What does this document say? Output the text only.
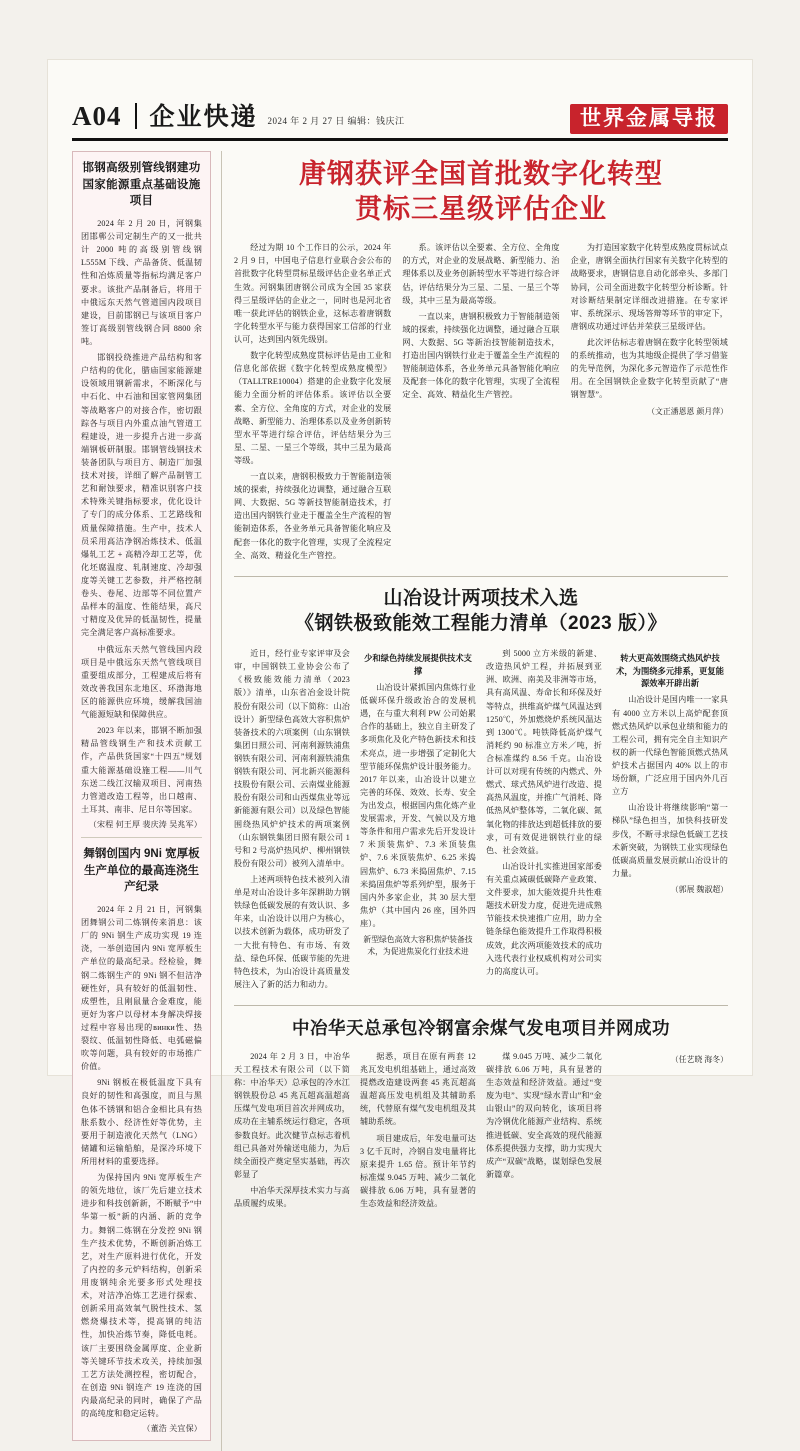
A04 企业快递 2024 年 2 月 27 日 编辑：钱庆江	世界金属导报
邯钢高级别管线钢建功国家能源重点基础设施项目

2024 年 2 月 20 日，河钢集团邯郸公司定制生产的又一批共计 2000 吨的高级别管线钢 L555M 下线、产品备货、低温韧性和冶炼质量等指标均满足客户要求。该批产品制备后，将用于中俄远东天然气管道国内段项目建设，目前邯钢已与该项目客户签订高级别管线钢合同 8800 余吨。

邯钢投绕推进产品结构和客户结构的优化，腊庙国家能源建设领域用钢新需求，不断深化与中石化、中石油和国家管网集团等战略客户的对接合作，密切跟踪各与项目内外重点油气管道工程建设，进一步提升占进一步高端钢板研制服。邯钢管线钢技术装备团队与项目方、制造厂加强技术对接，详细了解产品制管工艺和耐蚀要求，精准识别客户技术特殊关键指标要求，优化设计了专门的成分体系、工艺路线和质量保障措施。生产中，技术人员采用高洁净钢冶炼技术、低温爆轧工艺 + 高精冷却工艺等，优化坯腐温度、轧制速度、冷却强度等关键工艺参数，并严格控制卷头、卷尾、边部等不同位置产品样本的温度、性能结果，高尺寸精度及优异的低温韧性，提量完全满足客户高标准要求。

中俄远东天然气管线国内段项目是中俄远东天然气管线项目重要组成部分，工程建成后将有效改善我国东北地区、环渤海地区的能源供应环境，缓解我国油气能源短缺和保障供应。

2023 年以来，邯钢不断加强精品管线钢生产和技术贡献工作，产品供货国家“十四五”规划重大能源基础设施工程——川气东送二线江汉输双项目、河南热力管道改造工程等，出口越南、土耳其、南非、尼日尔等国家。

（宋程 何王厚 裴庆涛 吴兆军）
舞钢创国内 9Ni 宽厚板生产单位的最高连浇生产纪录

2024 年 2 月 21 日，河钢集团舞钢公司二炼钢传来消息：该厂的 9Ni 钢生产成功实现 19 连浇，一举创造国内 9Ni 宽厚板生产单位的最高纪录。经检验，舞钢二炼钢生产的 9Ni 钢不但洁净硬性好，具有较好的低温韧性、成塑性，且刚鼠量合金难度，能更好为客户以母材本身解决焊接过程中容易出现的винки性、热裂纹、低温韧性降低、电弧磁偏吹等问题，具有较好的市场推广价值。

9Ni 钢板在极低温度下具有良好的韧性和高强度，而且与黑色体不锈钢和铝合金相比具有热胀系数小、经济性好等优势，主要用于制造液化天然气（LNG）储罐和运输船舶，是深冷环境下所用材料的重要选择。

为保持国内 9Ni 宽厚板生产的领先地位，该厂先后建立技术进步和科技创新新，不断赋予“中华第一板”新的内涵、新的竞争力。舞钢二炼钢在分发控 9Ni 钢生产技术优势，不断创新冶炼工艺，对生产原料进行优化，开发了内控的多元炉料结构，创新采用废钢纯余光要多形式处理技术，对洁净冶炼工艺进行探索、创新采用高效氧气脱性技术、氢燃烧爆技术等，提高钢的纯洁性，加快冶炼节奏，降低电耗。该厂主要围绕金属厚度、企业新等关键环节技术攻关，持续加强工艺方法处测控程，密切配合，在创造 9Ni 钢连产 19 连浇的国内最高纪录的同时，确保了产品的高纯度和稳定运转。

（董浩 关宜保）
唐钢获评全国首批数字化转型
贯标三星级评估企业

经过为期 10 个工作日的公示，2024 年 2 月 9 日，中国电子信息行业联合会公布的首批数字化转型贯标星级评估企业名单正式生效。河钢集团唐钢公司成为全国 35 家获得三星级评估的企业之一，同时也是河北省唯一获此评估的钢铁企业，这标志着唐钢数字化转型水平与能力获得国家工信部的行业认可，达到国内领先级别。

数字化转型成熟度贯标评估是由工业和信息化部依据《数字化转型成熟度模型》（TALLTRE10004）搭建的企业数字化发展能力全面分析的评估体系。该评估以全要素、全方位、全角度的方式，对企业的发展战略、新型能力、治理体系以及业务创新转型水平等进行综合评估，评估结果分为三星、二星、一星三个等级，其中三星为最高等级。

一直以来，唐钢积极致力于智能制造领域的探索，持续强化边调整，通过融合互联网、大数据、5G 等新技智能制造技术，打造出国内钢铁行业走于覆盖全生产流程的智能制造体系，各业务单元具备智能化响应及配套一体化的数字化管理，实现了全流程定全、高效、精益化生产管控。

系。该评估以全要素、全方位、全角度的方式，对企业的发展战略、新型能力、治理体系以及业务创新转型水平等进行综合评估，评估结果分为三星、二星、一星三个等级，其中三星为最高等级。

一直以来，唐钢积极致力于智能制造领域的探索，持续强化边调整，通过融合互联网、大数据、5G 等新治技智能制造技术，打造出国内钢铁行业走于覆盖全生产流程的智能制造体系，各业务单元具备智能化响应及配套一体化的数字化管理，实现了全流程定全、高效、精益化生产管控。

为打造国家数字化转型成熟度贯标试点企业，唐钢全面执行国家有关数字化转型的战略要求，唐钢信息自动化部牵头、多部门协同，公司全面进数字化转型分析诊断。针对诊断结果制定详细改进措施。在专家评审、系统深示、现场答辩等环节的审定下，唐钢成功通过评估并荣获三星级评估。

此次评估标志着唐钢在数字化转型领域的系统推动，也为其地级企提供了学习借鉴的先导范例，为深化多元智造作了示范性作用。在全国钢铁企业数字化转型贡献了“唐钢智慧”。

（文正潘恩恩 颜月萍）
山冶设计两项技术入选
《钢铁极致能效工程能力清单（2023 版）》

近日，经行业专家评审及会审，中国钢铁工业协会公布了《极致能效能力清单（2023 版）》清单，山东省冶金设计院股份有限公司（以下简称：山冶设计）新型绿色高效大容积焦炉装备技术的六项案例（山东钢铁集团日照公司、河南利源铁浦焦钢铁有限公司、河南利源铁浦焦钢铁有限公司、河北新兴能源科技股份有限公司、云南煤业能源股份有限公司和山西煤焦业等远新能源有限公司）以及绿色智能围绕热风炉炉技术的两项案例（山东钢铁集团日照有限公司 1 号和 2 号高炉热风炉、柳州钢铁股份有限公司）被列入清单中。

上述两项特色技术被列入清单是对山冶设计多年深耕助力钢铁绿色低碳发展的有效认识、多年来，山冶设计以用户为核心，以技术创新为载体，成功研发了一大批有特色、有市场、有效益、绿色环保、低碳节能的先进特色技术，为山冶设计高质量发展注入了新的活力和动力。

少和绿色持续发展提供技术支撑

山冶设计紧抓国内焦炼行业低碳环保升级政治合的发展机遇，在与重大利利 PW 公司始累合作的基础上，独立自主研发了多项焦化及化产特色新技术和技术亮点，进一步增强了定制化大型节能环保焦炉设计服务能力。2017 年以来，山冶设计以建立完善的环保、效效、长寿、安全为出发点，根据国内焦化炼产业发展需求，开发、气候以及方地等条件和用户需求先后开发设计 7 米顶装焦炉、7.3 米顶装焦炉、7.6 米顶装焦炉、6.25 米捣固焦炉、6.73 米捣固焦炉、7.15 米捣固焦炉等系列炉型，服务于国内外多家企业，其 30 层大型焦炉（其中国内 26 座，国外四座）。

新型绿色高效大容积焦炉装备技术，为促进焦炭化行业技术进

到 5000 立方米级的新建、改造热风炉工程，并拓展到亚洲、欧洲、南美及非洲等市场，具有高风温、寿命长和环保及好等特点，拱维高炉煤气风温达到 1250℃，外加燃烧炉系统风温达到 1300℃。吨铁降低高炉煤气消耗约 90 标准立方米／吨，折合标准煤约 8.56 千克。山冶设计可以对现有传统的内燃式、外燃式、球式热风炉进行改造、提高热风温度，并推广气消耗、降低热风炉整体等，二氧化碳、氮氧化物的排放达到超低排放的要求，可有效促进钢铁行业的绿色、社会效益。

山冶设计扎实推进国家部委有关重点减碳低碳降产业政策、文件要求，加大能效提升共性难题技术研发力度，促进先进成熟节能技术快速推广应用，助力全链条绿色能效提升工作取得积极成效，此次两项能效技术的成功入选代表行业权威机构对公司实力的高度认可。

转大更高效围绕式热风炉技术，为围绕多元排系，更复能源效率开辟出新

山冶设计是国内唯一一家具有 4000 立方米以上高炉配套顶燃式热风炉以承包业绩和能力的工程公司，拥有完全自主知识产权的新一代绿色智能顶燃式热风炉技术占据国内 40% 以上的市场份额，广泛应用于国内外几百立方

山冶设计将继续影响“第一梯队”绿色担当，加快科技研发步伐，不断寻求绿色低碳工艺技术新突破，为钢铁工业实现绿色低碳高质量发展贡献山冶设计的力量。

（郭展 魏淑超）
中冶华天总承包冷钢富余煤气发电项目并网成功

2024 年 2 月 3 日，中冶华天工程技术有限公司（以下简称：中冶华天）总承包的冷水江钢铁股份总 45 兆瓦超高温超高压煤气发电项目首次并网成功，成功在主辅系统运行稳定，各项参数良好。此次健节点标志着机组已具备对外输送电能力，为后续全面投产奠定坚实基础，再次彰显了

中冶华天深厚技术实力与高品质履约成果。

据悉，项目在原有两套 12 兆瓦发电机组基础上，通过高效提燃改造建设两套 45 兆瓦超高温超高压发电机组及其辅助系统，代替原有煤气发电机组及其辅助系统。

项目建成后，年发电量可达 3 亿千瓦时，冷钢自发电量将比原来提升 1.65 倍。预计年节约标准煤 9.045 万吨、减少二氧化碳排放 6.06 万吨，具有显著的生态效益和经济效益。

煤 9.045 万吨、减少二氧化碳排放 6.06 万吨，具有显著的生态效益和经济效益。通过“变废为电”、实现“绿水青山”和“金山银山”的双向转化，该项目将为冷钢优化能源产业结构、系统推进低碳、安全高效的现代能源体系提供强力支撑，助力实现大成产“双碳”战略，谋划绿色发展新篇章。

（任艺晓 海冬）
